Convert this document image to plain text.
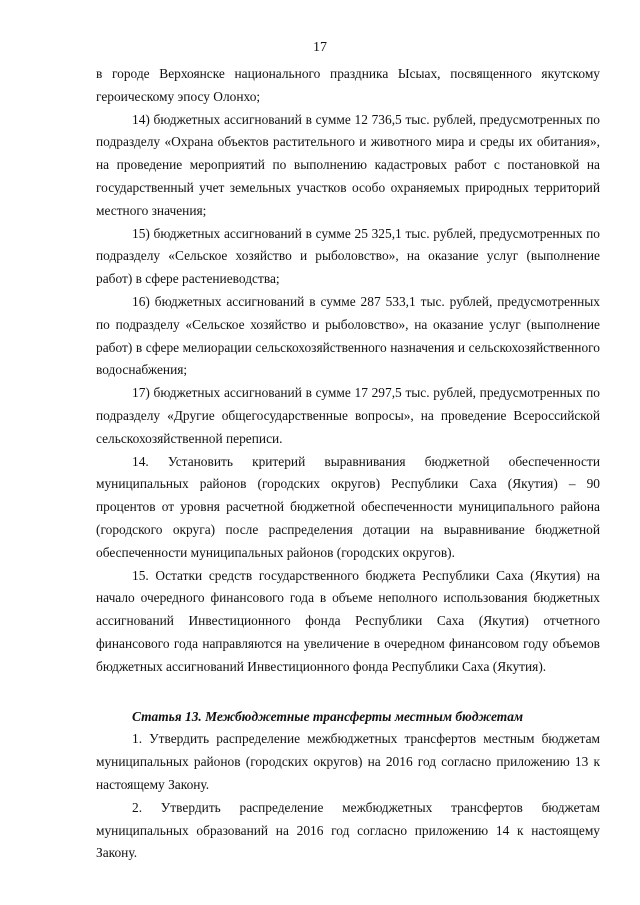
17

в городе Верхоянске национального праздника Ысыах, посвященного якутскому героическому эпосу Олонхо;

14) бюджетных ассигнований в сумме 12 736,5 тыс. рублей, предусмотренных по подразделу «Охрана объектов растительного и животного мира и среды их обитания», на проведение мероприятий по выполнению кадастровых работ с постановкой на государственный учет земельных участков особо охраняемых природных территорий местного значения;

15) бюджетных ассигнований в сумме 25 325,1 тыс. рублей, предусмотренных по подразделу «Сельское хозяйство и рыболовство», на оказание услуг (выполнение работ) в сфере растениеводства;

16) бюджетных ассигнований в сумме 287 533,1 тыс. рублей, предусмотренных по подразделу «Сельское хозяйство и рыболовство», на оказание услуг (выполнение работ) в сфере мелиорации сельскохозяйственного назначения и сельскохозяйственного водоснабжения;

17) бюджетных ассигнований в сумме 17 297,5 тыс. рублей, предусмотренных по подразделу «Другие общегосударственные вопросы», на проведение Всероссийской сельскохозяйственной переписи.

14. Установить критерий выравнивания бюджетной обеспеченности муниципальных районов (городских округов) Республики Саха (Якутия) – 90 процентов от уровня расчетной бюджетной обеспеченности муниципального района (городского округа) после распределения дотации на выравнивание бюджетной обеспеченности муниципальных районов (городских округов).

15. Остатки средств государственного бюджета Республики Саха (Якутия) на начало очередного финансового года в объеме неполного использования бюджетных ассигнований Инвестиционного фонда Республики Саха (Якутия) отчетного финансового года направляются на увеличение в очередном финансовом году объемов бюджетных ассигнований Инвестиционного фонда Республики Саха (Якутия).

Статья 13. Межбюджетные трансферты местным бюджетам

1. Утвердить распределение межбюджетных трансфертов местным бюджетам муниципальных районов (городских округов) на 2016 год согласно приложению 13 к настоящему Закону.

2. Утвердить распределение межбюджетных трансфертов бюджетам муниципальных образований на 2016 год согласно приложению 14 к настоящему Закону.
